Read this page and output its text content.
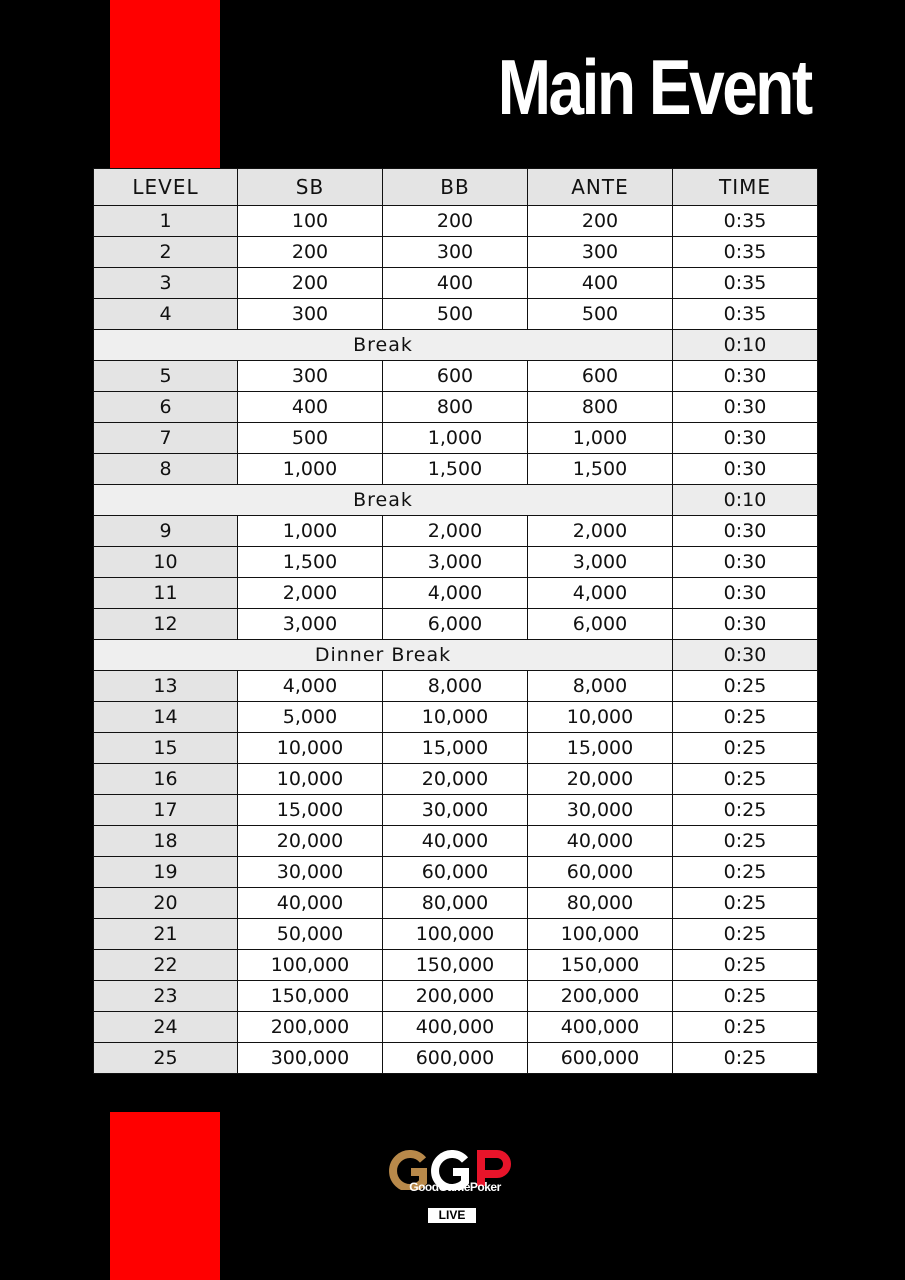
Main Event
LEVEL	SB	BB	ANTE	TIME
1	100	200	200	0:35
2	200	300	300	0:35
3	200	400	400	0:35
4	300	500	500	0:35
Break				0:10
5	300	600	600	0:30
6	400	800	800	0:30
7	500	1,000	1,000	0:30
8	1,000	1,500	1,500	0:30
Break				0:10
9	1,000	2,000	2,000	0:30
10	1,500	3,000	3,000	0:30
11	2,000	4,000	4,000	0:30
12	3,000	6,000	6,000	0:30
Dinner Break				0:30
13	4,000	8,000	8,000	0:25
14	5,000	10,000	10,000	0:25
15	10,000	15,000	15,000	0:25
16	10,000	20,000	20,000	0:25
17	15,000	30,000	30,000	0:25
18	20,000	40,000	40,000	0:25
19	30,000	60,000	60,000	0:25
20	40,000	80,000	80,000	0:25
21	50,000	100,000	100,000	0:25
22	100,000	150,000	150,000	0:25
23	150,000	200,000	200,000	0:25
24	200,000	400,000	400,000	0:25
25	300,000	600,000	600,000	0:25
GoodGamePoker
LIVE
